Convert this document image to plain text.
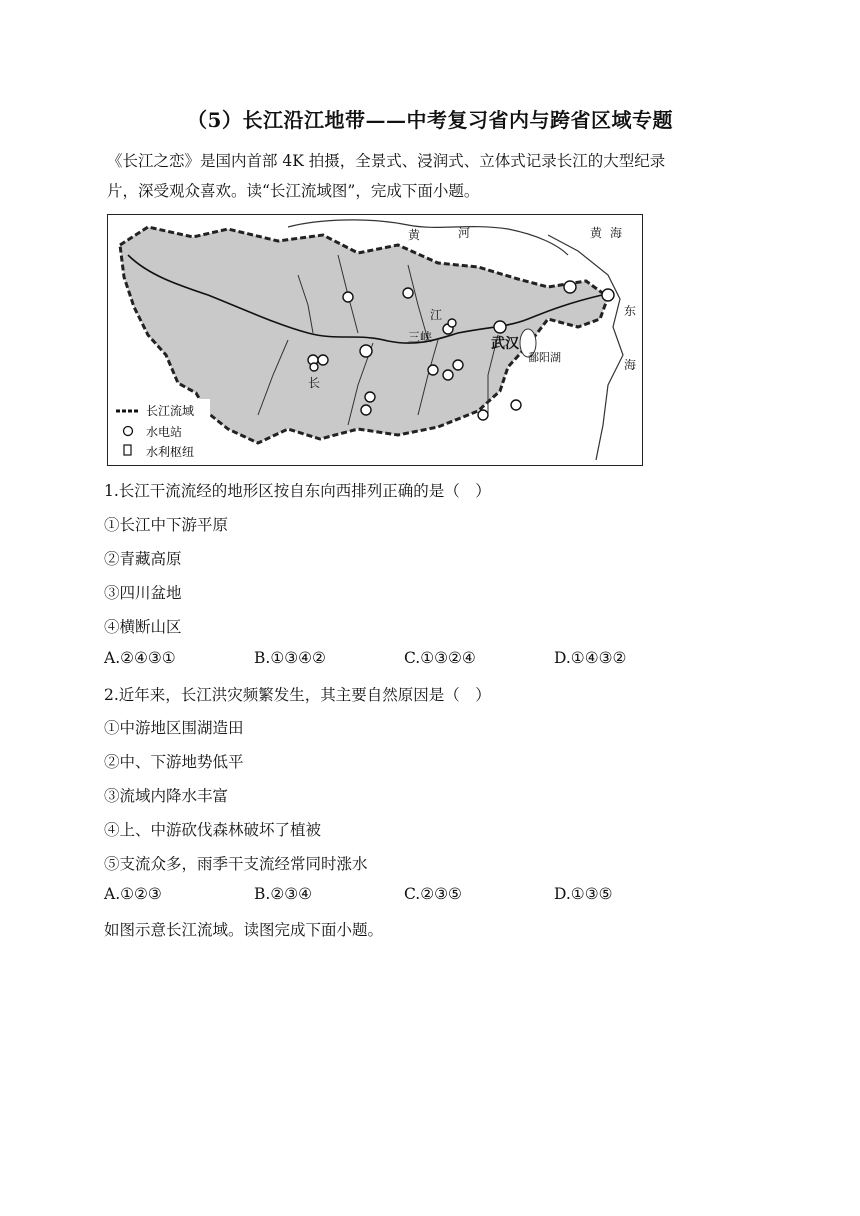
（5）长江沿江地带——中考复习省内与跨省区域专题

《长江之恋》是国内首部 4K 拍摄，全景式、浸润式、立体式记录长江的大型纪录

片，深受观众喜欢。读“长江流域图”，完成下面小题。

黄	河	黄 海
东
海
江
三峡	武汉
鄱阳湖
长
长江流域
水电站
水利枢纽
1.长江干流流经的地形区按自东向西排列正确的是（　）
①长江中下游平原
②青藏高原
③四川盆地
④横断山区
A.②④③①	B.①③④②	C.①③②④	D.①④③②
2.近年来，长江洪灾频繁发生，其主要自然原因是（　）
①中游地区围湖造田
②中、下游地势低平
③流域内降水丰富
④上、中游砍伐森林破坏了植被
⑤支流众多，雨季干支流经常同时涨水
A.①②③	B.②③④	C.②③⑤	D.①③⑤
如图示意长江流域。读图完成下面小题。
